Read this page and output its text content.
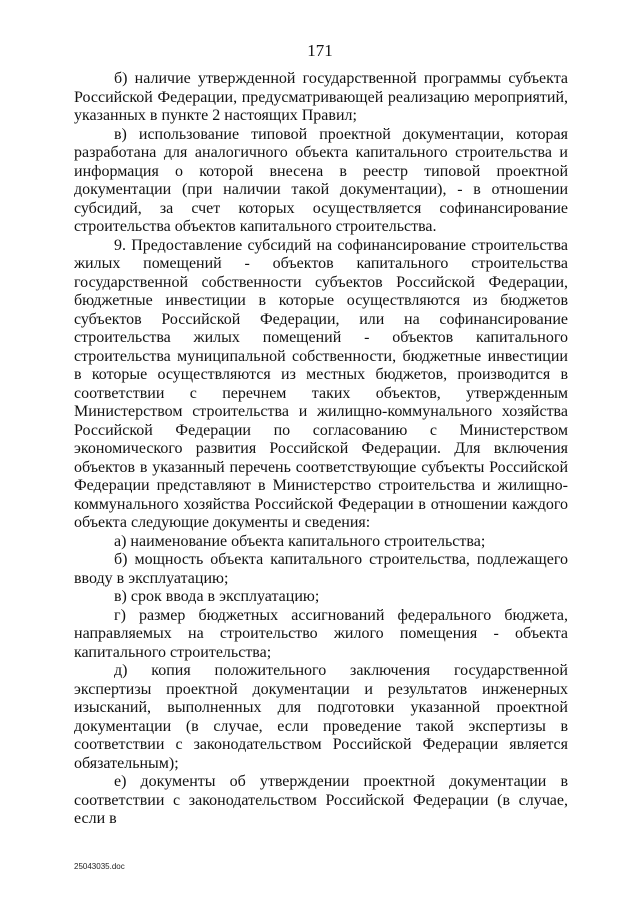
171

б) наличие утвержденной государственной программы субъекта Российской Федерации, предусматривающей реализацию мероприятий, указанных в пункте 2 настоящих Правил;

в) использование типовой проектной документации, которая разработана для аналогичного объекта капитального строительства и информация о которой внесена в реестр типовой проектной документации (при наличии такой документации), - в отношении субсидий, за счет которых осуществляется софинансирование строительства объектов капитального строительства.

9. Предоставление субсидий на софинансирование строительства жилых помещений - объектов капитального строительства государственной собственности субъектов Российской Федерации, бюджетные инвестиции в которые осуществляются из бюджетов субъектов Российской Федерации, или на софинансирование строительства жилых помещений - объектов капитального строительства муниципальной собственности, бюджетные инвестиции в которые осуществляются из местных бюджетов, производится в соответствии с перечнем таких объектов, утвержденным Министерством строительства и жилищно-коммунального хозяйства Российской Федерации по согласованию с Министерством экономического развития Российской Федерации. Для включения объектов в указанный перечень соответствующие субъекты Российской Федерации представляют в Министерство строительства и жилищно-коммунального хозяйства Российской Федерации в отношении каждого объекта следующие документы и сведения:

а) наименование объекта капитального строительства;

б) мощность объекта капитального строительства, подлежащего вводу в эксплуатацию;

в) срок ввода в эксплуатацию;

г) размер бюджетных ассигнований федерального бюджета, направляемых на строительство жилого помещения - объекта капитального строительства;

д) копия положительного заключения государственной экспертизы проектной документации и результатов инженерных изысканий, выполненных для подготовки указанной проектной документации (в случае, если проведение такой экспертизы в соответствии с законодательством Российской Федерации является обязательным);

е) документы об утверждении проектной документации в соответствии с законодательством Российской Федерации (в случае, если в

25043035.doc
